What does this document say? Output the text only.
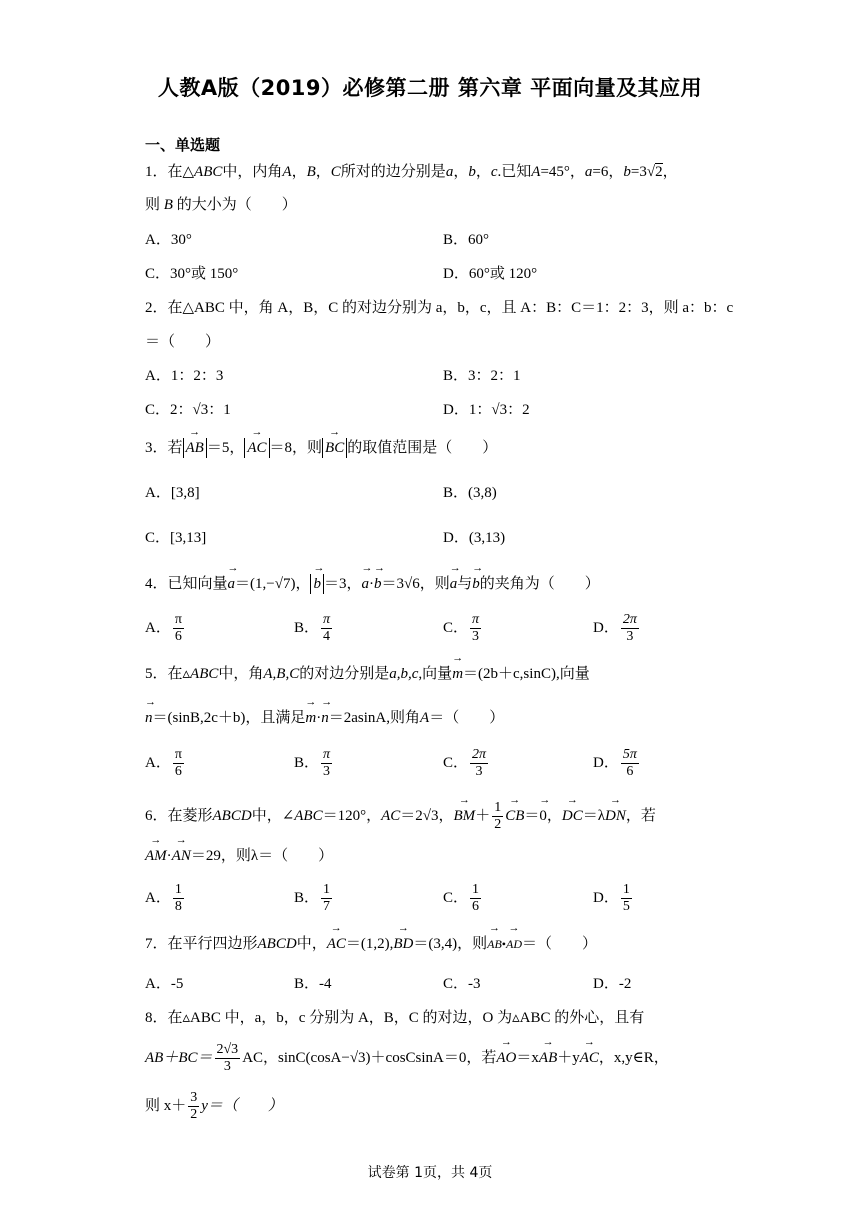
人教A版（2019）必修第二册 第六章 平面向量及其应用
一、单选题
1．在△ABC中，内角A，B，C所对的边分别是a，b，c.已知A=45°，a=6，b=3√2，
则 B 的大小为（　　）
A．30°	B．60°
C．30°或 150°	D．60°或 120°
2．在△ABC 中，角 A，B，C 的对边分别为 a，b，c，且 A：B：C＝1：2：3，则 a：b：c
＝（　　）
A．1：2：3	B．3：2：1
C．2：√3：1	D．1：√3：2
3．若→ AB ＝5，→ AC ＝8，则→ BC 的取值范围是（　　）
A．[3,8]	B．(3,8)
C．[3,13]	D．(3,13)
4．已知向量→ a＝(1,−√7)，→ b ＝3，→ a·→ b＝3√6，则→ a与→ b的夹角为（　　）
A． $\frac{\pi}{6}$	B． $\frac{\pi}{4}$	C． $\frac{\pi}{3}$	D． $\frac{2\pi}{3}$
5．在▵ABC中，角A,B,C的对边分别是a,b,c,向量→ m＝(2b＋c,sinC),向量
→ n＝(sinB,2c＋b)，且满足→ m·→ n＝2asinA,则角A＝（　　）
A． $\frac{\pi}{6}$	B． $\frac{\pi}{3}$	C． $\frac{2\pi}{3}$	D． $\frac{5\pi}{6}$
6．在菱形ABCD中，∠ABC＝120°，AC＝2√3，→ $BM+ \frac{1}{2}$
→ CB＝→ 0，→ DC＝λ→ DN，若
→ AM·→ AN＝29，则λ＝（　　）
A． $\frac{1}{8}$	B． $\frac{1}{7}$	C． $\frac{1}{6}$	D． $\frac{1}{5}$
7．在平行四边形ABCD中，→ AC＝(1,2),→ BD＝(3,4)，则→ AB•→ AD＝（　　）
A．-5	B．-4	C．-3	D．-2
8．在▵ABC 中，a，b，c 分别为 A，B，C 的对边，O 为▵ABC 的外心，且有
$AB+BC= \frac{2√3}{3}$ AC，sinC(cosA−√3)＋cosCsinA＝0，若→ AO＝x→ AB＋y→ AC，x,y∈R，
则 $x+ \frac{3}{2} y=$（　　）
试卷第 1页，共 4页
